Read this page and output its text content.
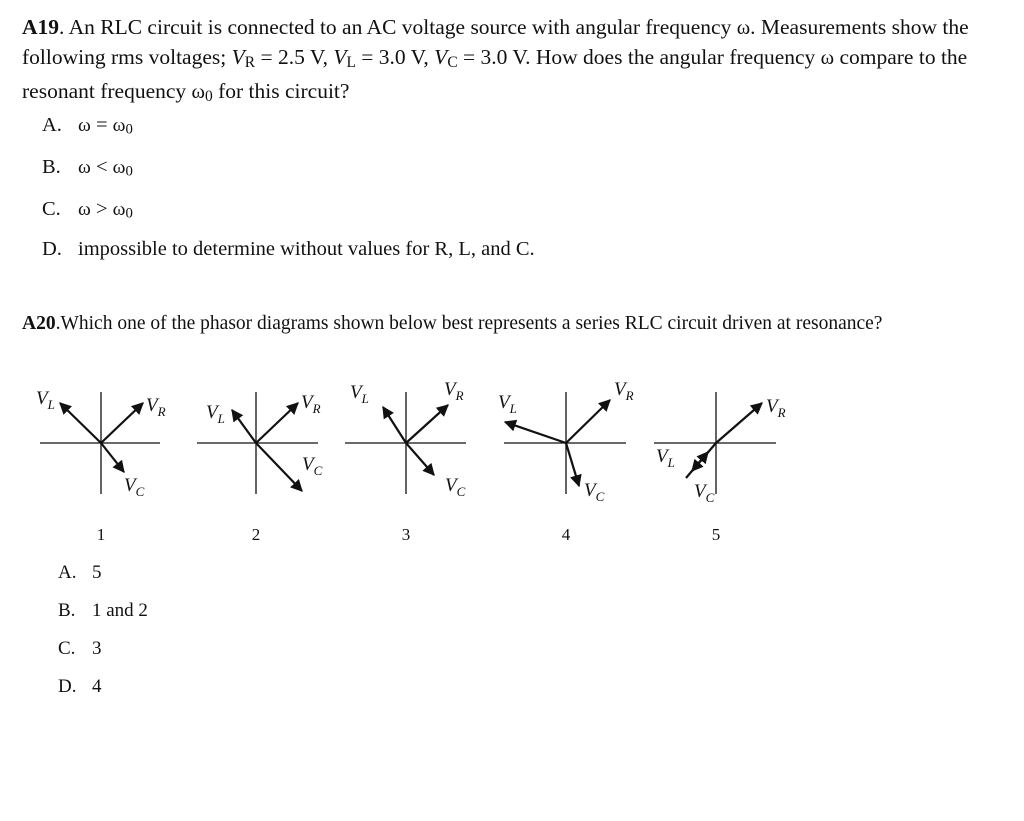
A19. An RLC circuit is connected to an AC voltage source with angular frequency ω. Measurements show the following rms voltages; VR = 2.5 V, VL = 3.0 V, VC = 3.0 V. How does the angular frequency ω compare to the resonant frequency ω0 for this circuit?
A. ω = ω0
B. ω < ω0
C. ω > ω0
D. impossible to determine without values for R, L, and C.
A20.Which one of the phasor diagrams shown below best represents a series RLC circuit driven at resonance?
$V_L$	$V_R$
$V_C$
1
$V_L$
$V_R$
$V_C$
2
$V_L$	$V_R$
$V_C$
3
$V_L$
$V_R$
$V_C$
4
$V_R$
$V_L$
$V_C$
5
A. 5
B. 1 and 2
C. 3
D. 4
